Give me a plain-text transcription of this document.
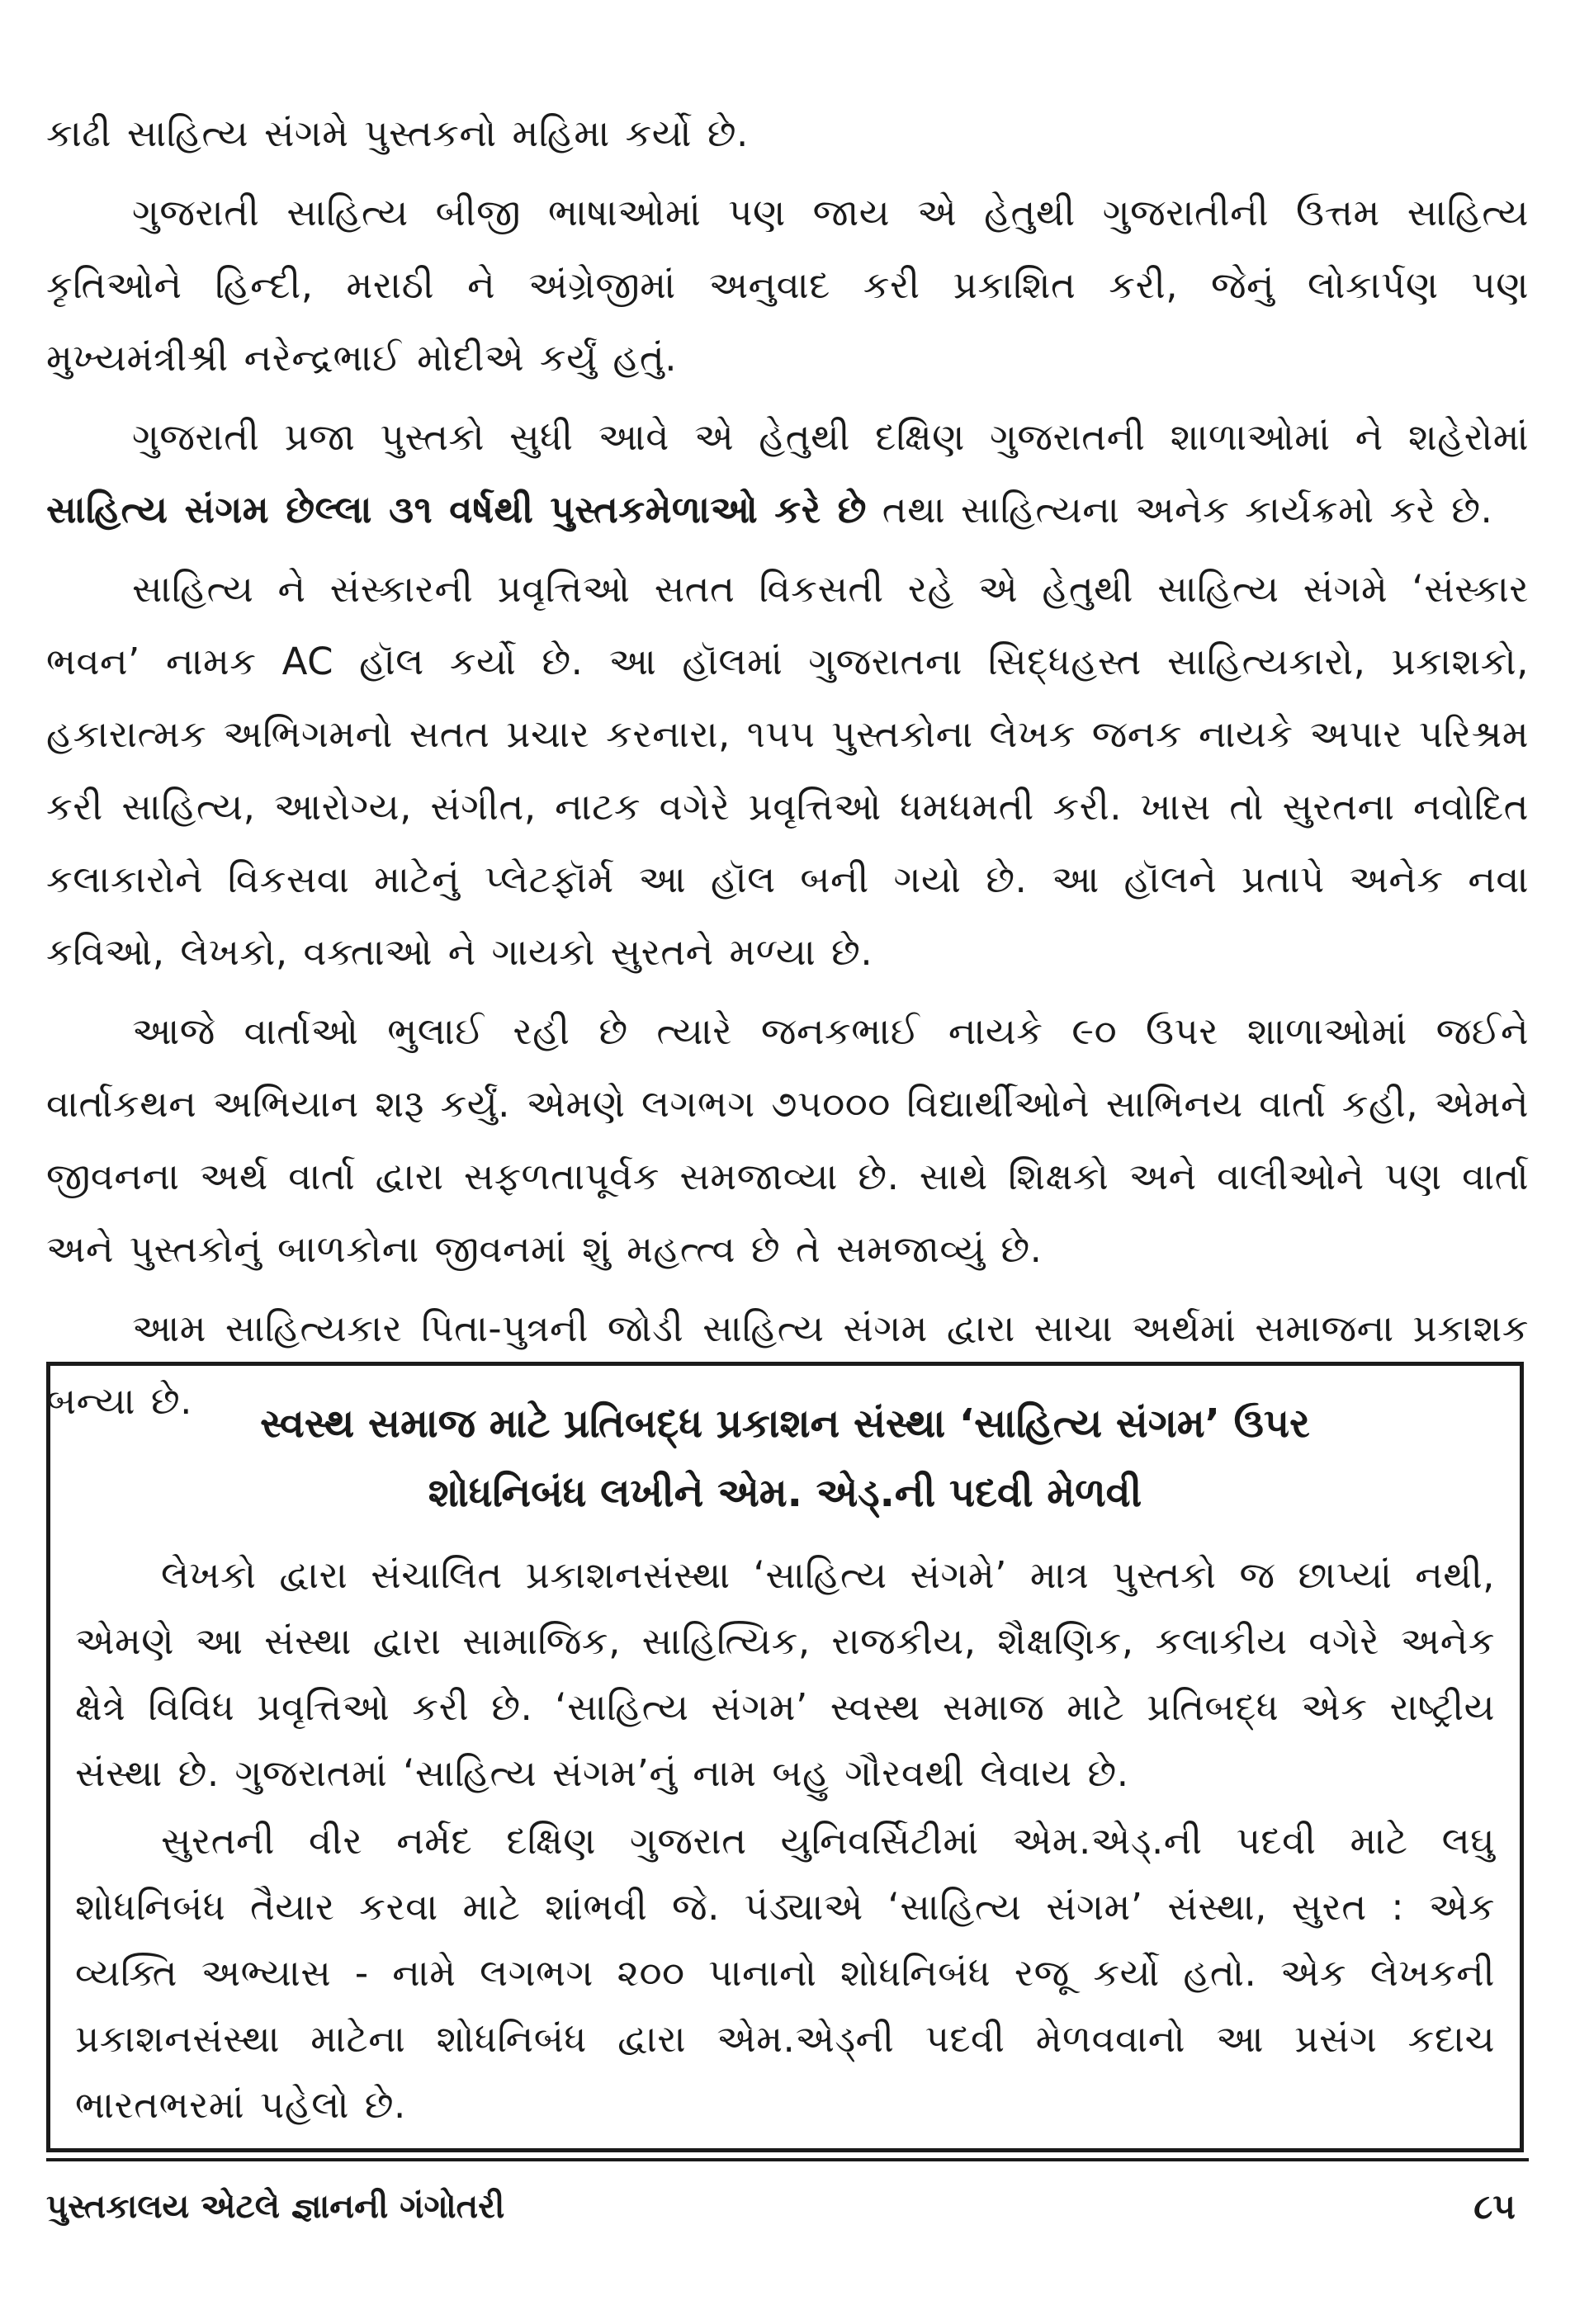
કાઢી સાહિત્ય સંગમે પુસ્તકનો મહિમા કર્યો છે.

ગુજરાતી સાહિત્ય બીજી ભાષાઓમાં પણ જાય એ હેતુથી ગુજરાતીની ઉત્તમ સાહિત્ય કૃતિઓને હિન્દી, મરાઠી ને અંગ્રેજીમાં અનુવાદ કરી પ્રકાશિત કરી, જેનું લોકાર્પણ પણ મુખ્યમંત્રીશ્રી નરેન્દ્રભાઈ મોદીએ કર્યું હતું.

ગુજરાતી પ્રજા પુસ્તકો સુધી આવે એ હેતુથી દક્ષિણ ગુજરાતની શાળાઓમાં ને શહેરોમાં સાહિત્ય સંગમ છેલ્લા ૩૧ વર્ષથી પુસ્તકમેળાઓ કરે છે તથા સાહિત્યના અનેક કાર્યક્રમો કરે છે.

સાહિત્ય ને સંસ્કારની પ્રવૃત્તિઓ સતત વિકસતી રહે એ હેતુથી સાહિત્ય સંગમે ‘સંસ્કાર ભવન’ નામક AC હૉલ કર્યો છે. આ હૉલમાં ગુજરાતના સિદ્ધહસ્ત સાહિત્યકારો, પ્રકાશકો, હકારાત્મક અભિગમનો સતત પ્રચાર કરનારા, ૧૫૫ પુસ્તકોના લેખક જનક નાયકે અપાર પરિશ્રમ કરી સાહિત્ય, આરોગ્ય, સંગીત, નાટક વગેરે પ્રવૃત્તિઓ ધમધમતી કરી. ખાસ તો સુરતના નવોદિત કલાકારોને વિકસવા માટેનું પ્લેટફૉર્મ આ હૉલ બની ગયો છે. આ હૉલને પ્રતાપે અનેક નવા કવિઓ, લેખકો, વક્તાઓ ને ગાયકો સુરતને મળ્યા છે.

આજે વાર્તાઓ ભુલાઈ રહી છે ત્યારે જનકભાઈ નાયકે ૯૦ ઉપર શાળાઓમાં જઈને વાર્તાકથન અભિયાન શરૂ કર્યું. એમણે લગભગ ૭૫૦૦૦ વિદ્યાર્થીઓને સાભિનય વાર્તા કહી, એમને જીવનના અર્થ વાર્તા દ્વારા સફળતાપૂર્વક સમજાવ્યા છે. સાથે શિક્ષકો અને વાલીઓને પણ વાર્તા અને પુસ્તકોનું બાળકોના જીવનમાં શું મહત્ત્વ છે તે સમજાવ્યું છે.

આમ સાહિત્યકાર પિતા-પુત્રની જોડી સાહિત્ય સંગમ દ્વારા સાચા અર્થમાં સમાજના પ્રકાશક બન્યા છે.	સ્વસ્થ સમાજ માટે પ્રતિબદ્ધ પ્રકાશન સંસ્થા ‘સાહિત્ય સંગમ’ ઉપર
શોધનિબંધ લખીને એમ. એડ્.ની પદવી મેળવી

લેખકો દ્વારા સંચાલિત પ્રકાશનસંસ્થા ‘સાહિત્ય સંગમે’ માત્ર પુસ્તકો જ છાપ્યાં નથી, એમણે આ સંસ્થા દ્વારા સામાજિક, સાહિત્યિક, રાજકીય, શૈક્ષણિક, કલાકીય વગેરે અનેક ક્ષેત્રે વિવિધ પ્રવૃત્તિઓ કરી છે. ‘સાહિત્ય સંગમ’ સ્વસ્થ સમાજ માટે પ્રતિબદ્ધ એક રાષ્ટ્રીય સંસ્થા છે. ગુજરાતમાં ‘સાહિત્ય સંગમ’નું નામ બહુ ગૌરવથી લેવાય છે.

સુરતની વીર નર્મદ દક્ષિણ ગુજરાત યુનિવર્સિટીમાં એમ.એડ્.ની પદવી માટે લઘુ શોધનિબંધ તૈયાર કરવા માટે શાંભવી જે. પંડ્યાએ ‘સાહિત્ય સંગમ’ સંસ્થા, સુરત : એક વ્યક્તિ અભ્યાસ - નામે લગભગ ૨૦૦ પાનાનો શોધનિબંધ રજૂ કર્યો હતો. એક લેખકની પ્રકાશનસંસ્થા માટેના શોધનિબંધ દ્વારા એમ.એડ્ની પદવી મેળવવાનો આ પ્રસંગ કદાચ ભારતભરમાં પહેલો છે.

પુસ્તકાલય એટલે જ્ઞાનની ગંગોતરી	૮૫
